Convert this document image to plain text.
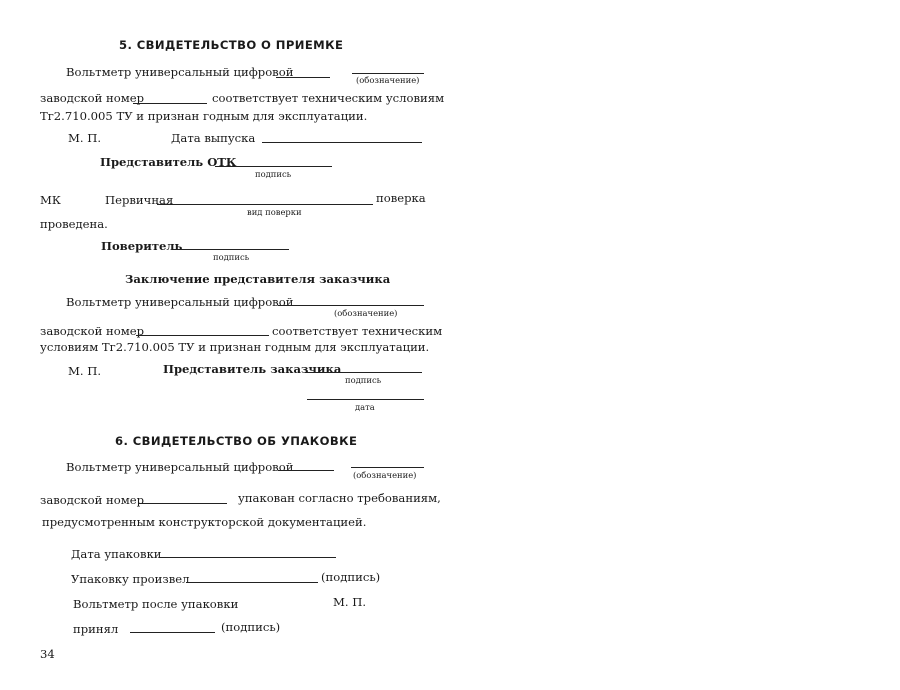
5. СВИДЕТЕЛЬСТВО О ПРИЕМКЕ
Вольтметр универсальный цифровой
(обозначение)
заводской номер	соответствует техническим условиям
Тг2.710.005 ТУ и признан годным для эксплуатации.
М. П.	Дата выпуска
Представитель ОТК
подпись
МК	Первичная	поверка
вид поверки
проведена.
Поверитель
подпись
Заключение представителя заказчика
Вольтметр универсальный цифровой
(обозначение)
заводской номер	соответствует техническим
условиям Тг2.710.005 ТУ и признан годным для эксплуатации.
М. П.	Представитель заказчика
подпись
дата
6. СВИДЕТЕЛЬСТВО ОБ УПАКОВКЕ
Вольтметр универсальный цифровой
(обозначение)
заводской номер	упакован согласно требованиям,
предусмотренным конструкторской документацией.
Дата упаковки
Упаковку произвел	(подпись)
Вольтметр после упаковки	М. П.
принял	(подпись)
34
